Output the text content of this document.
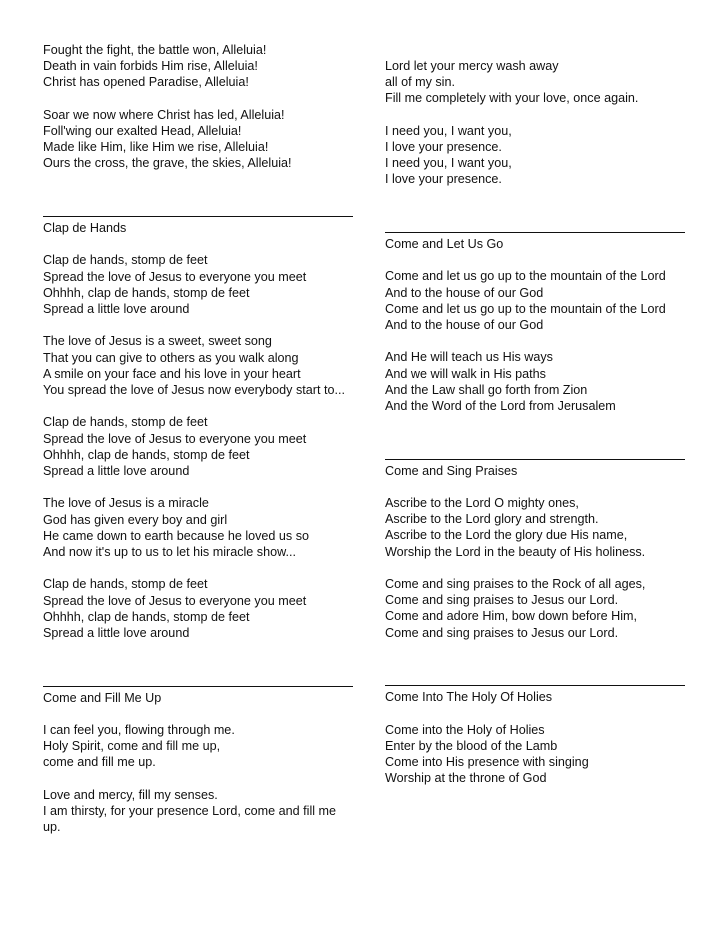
Fought the fight, the battle won, Alleluia!
Death in vain forbids Him rise, Alleluia!
Christ has opened Paradise, Alleluia!
Soar we now where Christ has led, Alleluia!
Foll'wing our exalted Head, Alleluia!
Made like Him, like Him we rise, Alleluia!
Ours the cross, the grave, the skies, Alleluia!
Clap de Hands
Clap de hands, stomp de feet
Spread the love of Jesus to everyone you meet
Ohhhh, clap de hands, stomp de feet
Spread a little love around
The love of Jesus is a sweet, sweet song
That you can give to others as you walk along
A smile on your face and his love in your heart
You spread the love of Jesus now everybody start to...
Clap de hands, stomp de feet
Spread the love of Jesus to everyone you meet
Ohhhh, clap de hands, stomp de feet
Spread a little love around
The love of Jesus is a miracle
God has given every boy and girl
He came down to earth because he loved us so
And now it's up to us to let his miracle show...
Clap de hands, stomp de feet
Spread the love of Jesus to everyone you meet
Ohhhh, clap de hands, stomp de feet
Spread a little love around
Come and Fill Me Up
I can feel you, flowing through me.
Holy Spirit, come and fill me up,
come and fill me up.
Love and mercy, fill my senses.
I am thirsty, for your presence Lord, come and fill me up.
Lord let your mercy wash away
all of my sin.
Fill me completely with your love, once again.
I need you, I want you,
I love your presence.
I need you, I want you,
I love your presence.
Come and Let Us Go
Come and let us go up to the mountain of the Lord
And to the house of our God
Come and let us go up to the mountain of the Lord
And to the house of our God
And He will teach us His ways
And we will walk in His paths
And the Law shall go forth from Zion
And the Word of the Lord from Jerusalem
Come and Sing Praises
Ascribe to the Lord O mighty ones,
Ascribe to the Lord glory and strength.
Ascribe to the Lord the glory due His name,
Worship the Lord in the beauty of His holiness.
Come and sing praises to the Rock of all ages,
Come and sing praises to Jesus our Lord.
Come and adore Him, bow down before Him,
Come and sing praises to Jesus our Lord.
Come Into The Holy Of Holies
Come into the Holy of Holies
Enter by the blood of the Lamb
Come into His presence with singing
Worship at the throne of God
